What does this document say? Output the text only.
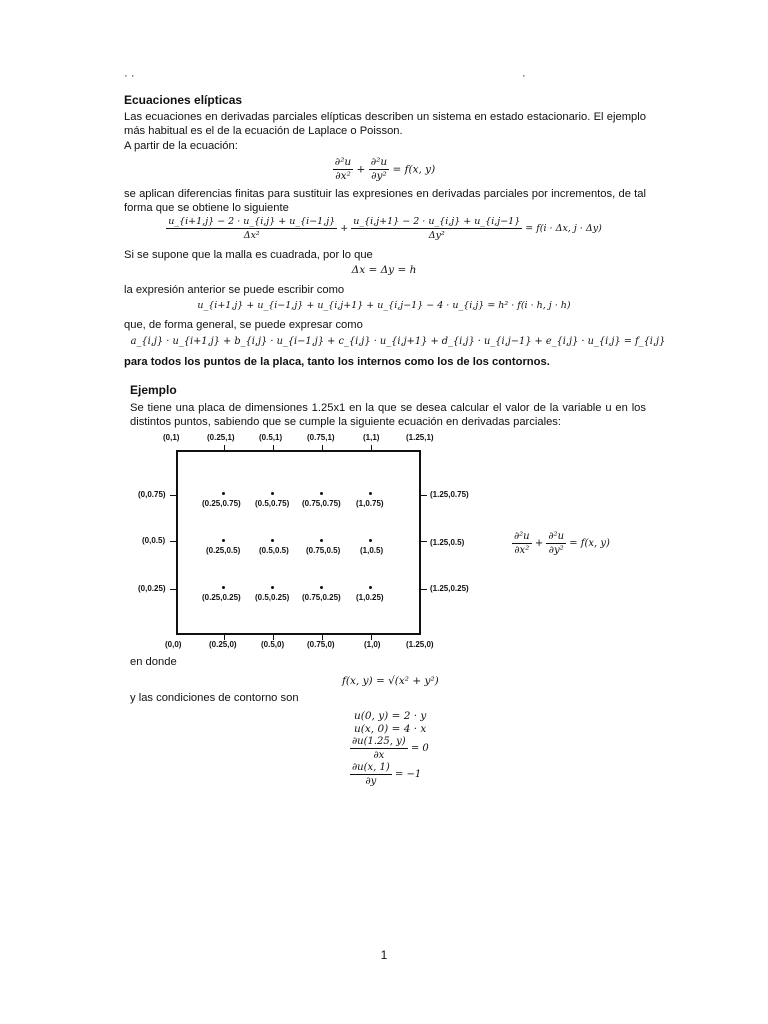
· ·	·
Ecuaciones elípticas
Las ecuaciones en derivadas parciales elípticas describen un sistema en estado estacionario. El ejemplo más habitual es el de la ecuación de Laplace o Poisson.
A partir de la ecuación:
$\frac{\text{∂²u}}{\text{∂x²}} + \frac{\text{∂²u}}{\text{∂y²}} = f(x$, y)
se aplican diferencias finitas para sustituir las expresiones en derivadas parciales por incrementos, de tal forma que se obtiene lo siguiente
$\frac{u\_\{i+1,j\} - 2 \cdot u\_\{i,j\} + u\_\{i-1,j\}}{\text{Δx²}} + \frac{u\_\{i,j+1\} - 2 \cdot u\_\{i,j\} + u\_\{i,j-1\}}{\text{Δy²}} = f(i \cdot \Delta x$, j · Δy)
Si se supone que la malla es cuadrada, por lo que
Δx = Δy = h
la expresión anterior se puede escribir como
u_{i+1,j} + u_{i−1,j} + u_{i,j+1} + u_{i,j−1} − 4 · u_{i,j} = h² · f(i · h, j · h)
que, de forma general, se puede expresar como
a_{i,j} · u_{i+1,j} + b_{i,j} · u_{i−1,j} + c_{i,j} · u_{i,j+1} + d_{i,j} · u_{i,j−1} + e_{i,j} · u_{i,j} = f_{i,j}
para todos los puntos de la placa, tanto los internos como los de los contornos.
Ejemplo
Se tiene una placa de dimensiones 1.25x1 en la que se desea calcular el valor de la variable u en los distintos puntos, sabiendo que se cumple la siguiente ecuación en derivadas parciales:
(0,1)	(0.25,1)	(0.5,1)	(0.75,1)	(1,1)	(1.25,1)
(0,0.75)
(0,0.5)
(0,0.25)
(1.25,0.75)
(1.25,0.5)
(1.25,0.25)
(0,0)	(0.25,0)	(0.5,0)	(0.75,0)	(1,0)	(1.25,0)
(0.25,0.75) (0.5,0.75) (0.75,0.75) (1,0.75)
(0.25,0.5) (0.5,0.5) (0.75,0.5) (1,0.5)
(0.25,0.25) (0.5,0.25) (0.75,0.25) (1,0.25)
$\frac{\text{∂²u}}{\text{∂x²}} + \frac{\text{∂²u}}{\text{∂y²}} = f(x$, y)
en donde
f(x, y) = √(x² + y²)
y las condiciones de contorno son
u(0, y) = 2 · y
u(x, 0) = 4 · x
$\frac{\partial u(1.25, y)}{\partial x} = 0$
$\frac{\partial u(x, 1)}{\partial y} = -1$
1
